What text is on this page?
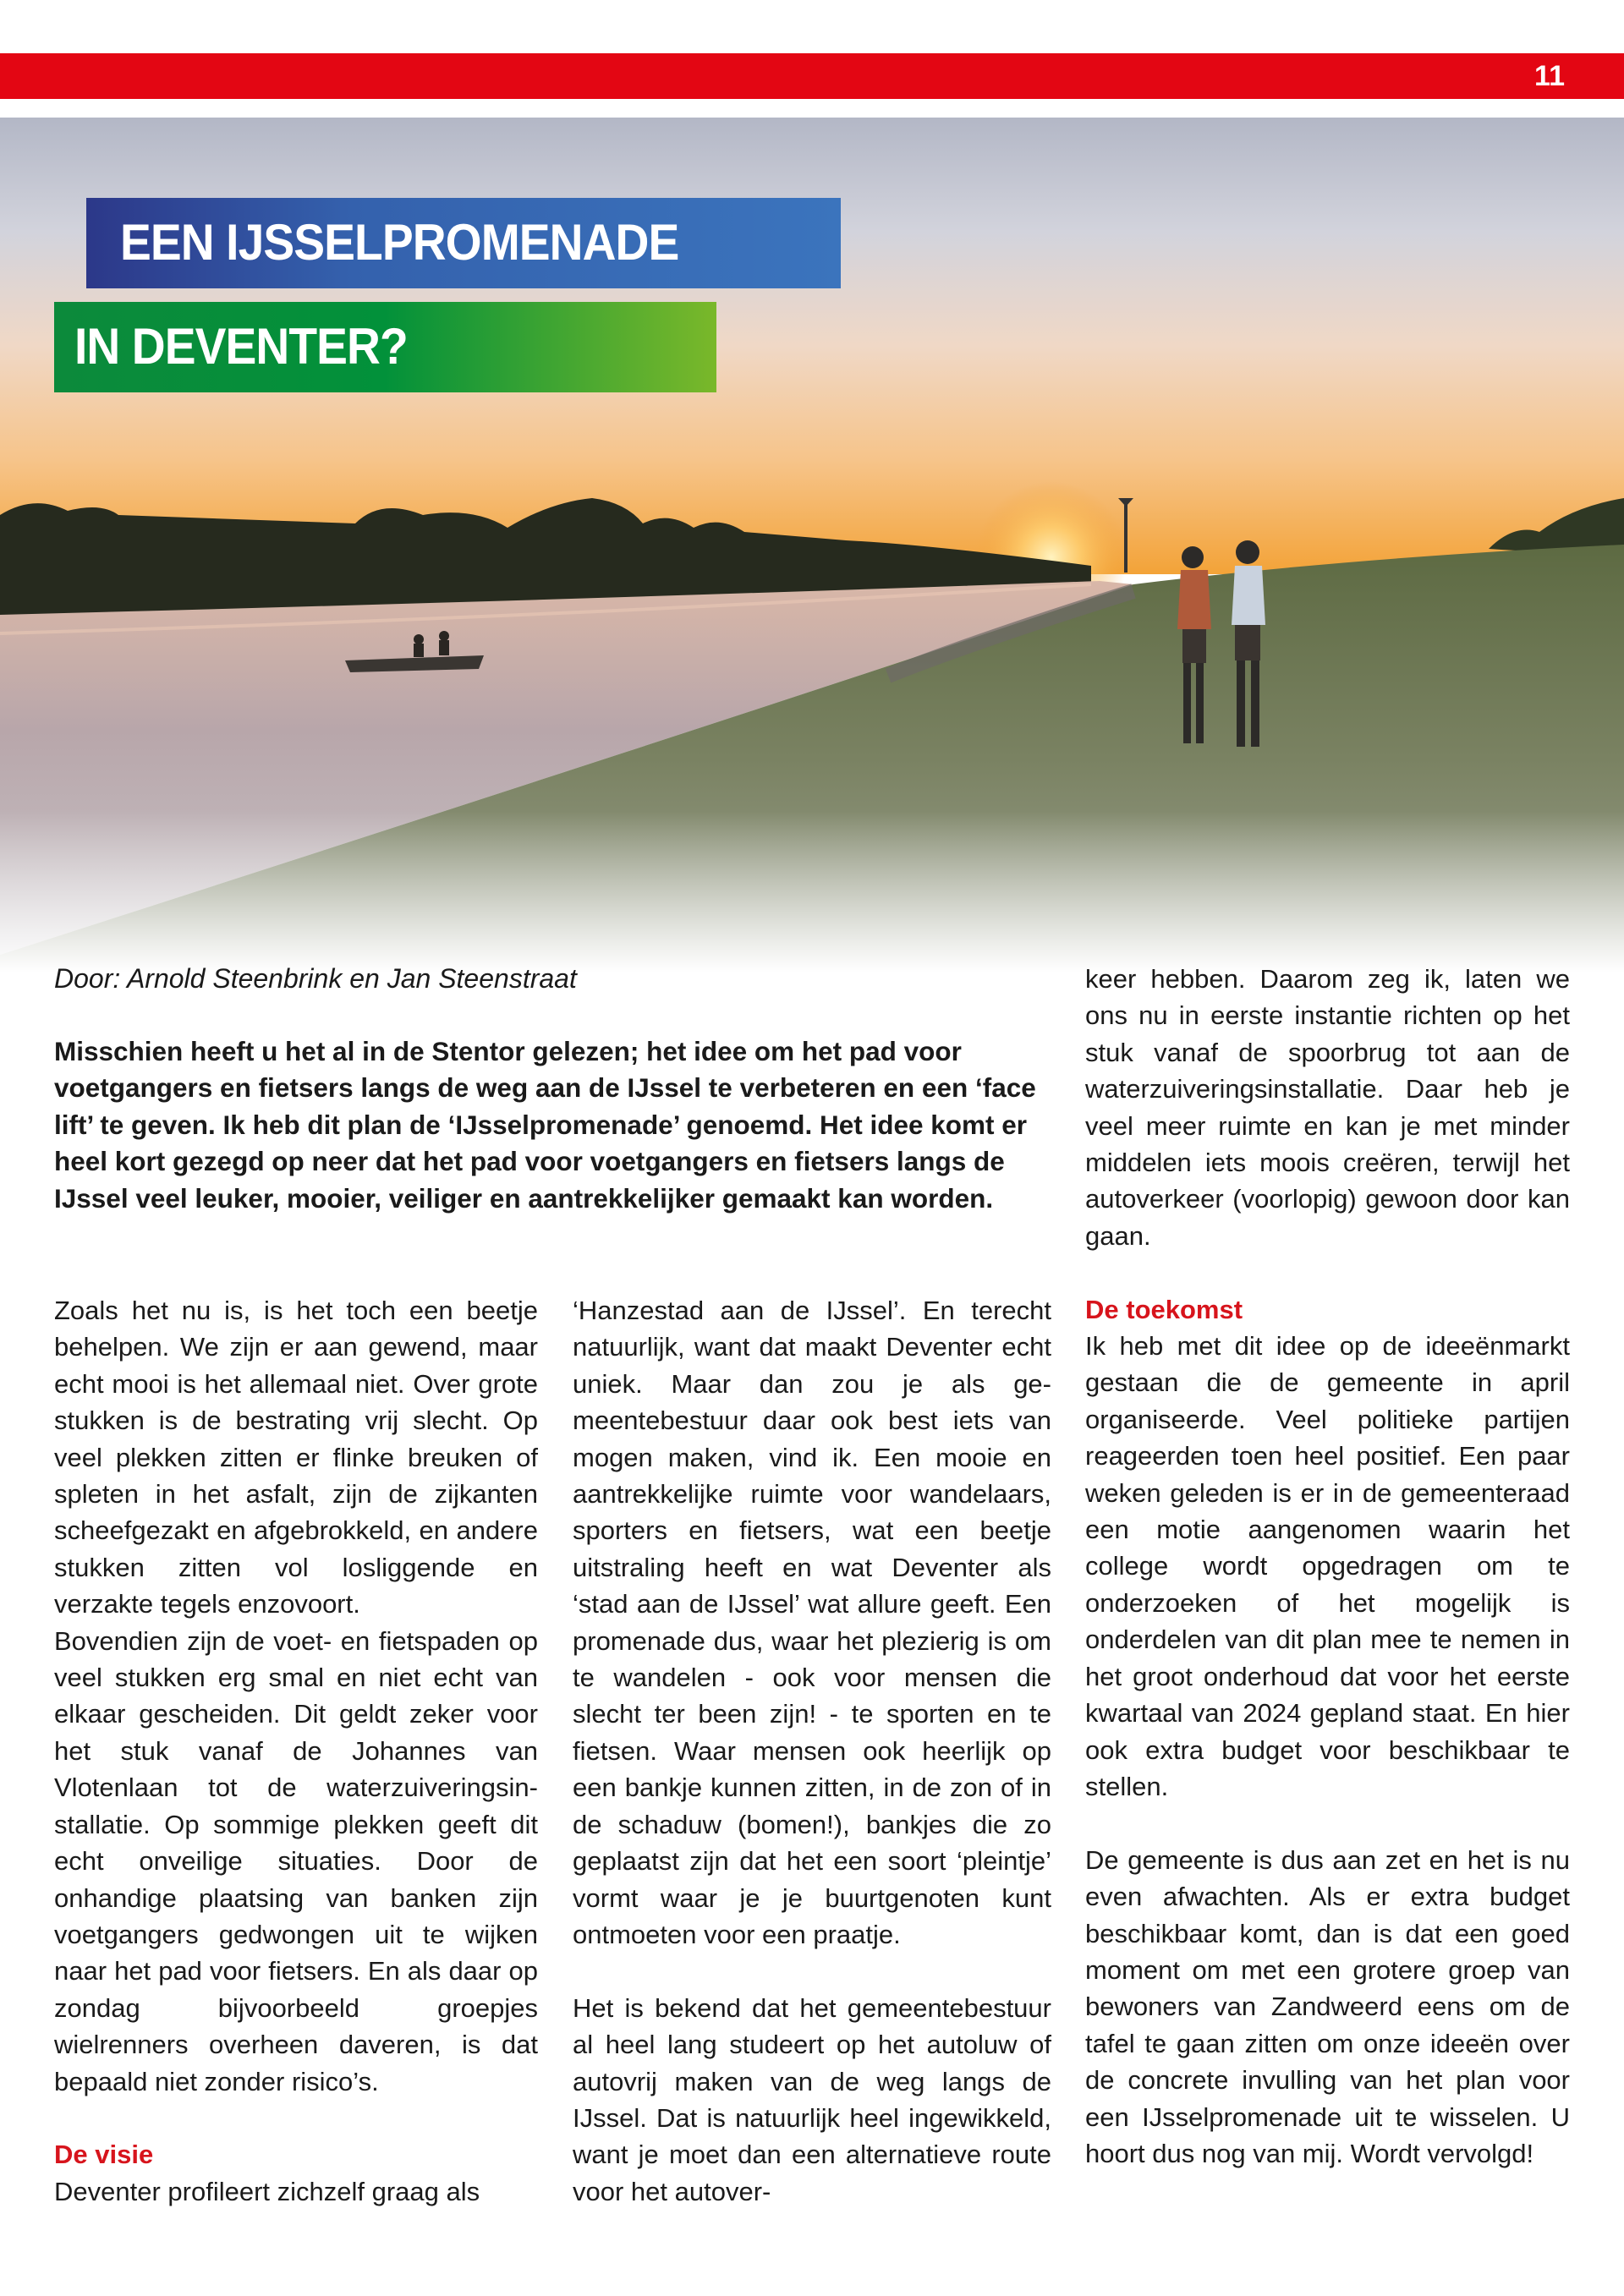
11
EEN IJSSELPROMENADE
IN DEVENTER?
Door: Arnold Steenbrink en Jan Steenstraat
Misschien heeft u het al in de Stentor gelezen; het idee om het pad voor voetgangers en fietsers langs de weg aan de IJssel te verbeteren en een ‘face lift’ te geven. Ik heb dit plan de ‘IJsselpromenade’ genoemd. Het idee komt er heel kort gezegd op neer dat het pad voor voetgangers en fietsers langs de IJssel veel leuker, mooier, veiliger en aantrekkelijker gemaakt kan worden.

Zoals het nu is, is het toch een beetje behelpen. We zijn er aan gewend, maar echt mooi is het allemaal niet. Over grote stukken is de bestrating vrij slecht. Op veel plekken zitten er flinke breuken of spleten in het asfalt, zijn de zijkanten scheefgezakt en afgebrokkeld, en andere stukken zitten vol losliggende en verzakte tegels enzovoort.

Bovendien zijn de voet- en fietspaden op veel stukken erg smal en niet echt van elkaar gescheiden. Dit geldt zeker voor het stuk vanaf de Johannes van Vlotenlaan tot de waterzuiveringsinstallatie. Op sommige plekken geeft dit echt onveilige situaties. Door de onhandige plaatsing van banken zijn voetgangers gedwongen uit te wijken naar het pad voor fietsers. En als daar op zondag bijvoorbeeld groepjes wielrenners overheen daveren, is dat bepaald niet zonder risico’s.

De visie

Deventer profileert zichzelf graag als

‘Hanzestad aan de IJssel’. En terecht natuurlijk, want dat maakt Deventer echt uniek. Maar dan zou je als gemeentebestuur daar ook best iets van mogen maken, vind ik. Een mooie en aantrekkelijke ruimte voor wandelaars, sporters en fietsers, wat een beetje uitstraling heeft en wat Deventer als ‘stad aan de IJssel’ wat allure geeft. Een promenade dus, waar het plezierig is om te wandelen - ook voor mensen die slecht ter been zijn! - te sporten en te fietsen. Waar mensen ook heerlijk op een bankje kunnen zitten, in de zon of in de schaduw (bomen!), bankjes die zo geplaatst zijn dat het een soort ‘pleintje’ vormt waar je je buurtgenoten kunt ontmoeten voor een praatje.

Het is bekend dat het gemeentebestuur al heel lang studeert op het autoluw of autovrij maken van de weg langs de IJssel. Dat is natuurlijk heel ingewikkeld, want je moet dan een alternatieve route voor het autover-

keer hebben. Daarom zeg ik, laten we ons nu in eerste instantie richten op het stuk vanaf de spoorbrug tot aan de waterzuiveringsinstallatie. Daar heb je veel meer ruimte en kan je met minder middelen iets moois creëren, terwijl het autoverkeer (voorlopig) gewoon door kan gaan.

De toekomst

Ik heb met dit idee op de ideeënmarkt gestaan die de gemeente in april organiseerde. Veel politieke partijen reageerden toen heel positief. Een paar weken geleden is er in de gemeenteraad een motie aangenomen waarin het college wordt opgedragen om te onderzoeken of het mogelijk is onderdelen van dit plan mee te nemen in het groot onderhoud dat voor het eerste kwartaal van 2024 gepland staat. En hier ook extra budget voor beschikbaar te stellen.

De gemeente is dus aan zet en het is nu even afwachten. Als er extra budget beschikbaar komt, dan is dat een goed moment om met een grotere groep van bewoners van Zandweerd eens om de tafel te gaan zitten om onze ideeën over de concrete invulling van het plan voor een IJsselpromenade uit te wisselen. U hoort dus nog van mij. Wordt vervolgd!
